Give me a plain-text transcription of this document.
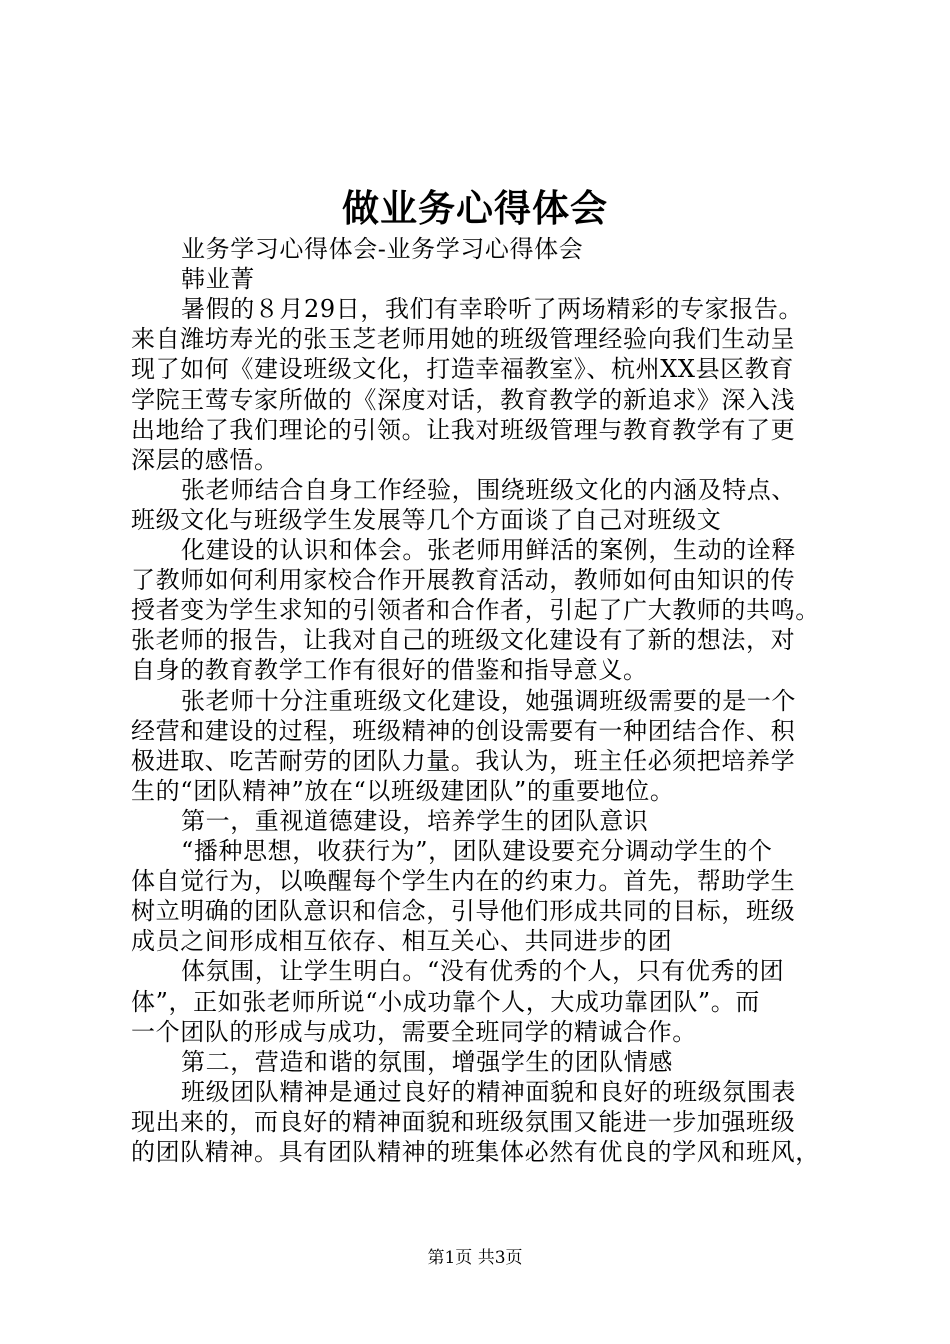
做业务心得体会
业务学习心得体会-业务学习心得体会
韩业菁
暑假的８月29日，我们有幸聆听了两场精彩的专家报告。
来自潍坊寿光的张玉芝老师用她的班级管理经验向我们生动呈
现了如何《建设班级文化，打造幸福教室》、杭州XX县区教育
学院王莺专家所做的《深度对话，教育教学的新追求》深入浅
出地给了我们理论的引领。让我对班级管理与教育教学有了更
深层的感悟。
张老师结合自身工作经验，围绕班级文化的内涵及特点、
班级文化与班级学生发展等几个方面谈了自己对班级文
化建设的认识和体会。张老师用鲜活的案例，生动的诠释
了教师如何利用家校合作开展教育活动，教师如何由知识的传
授者变为学生求知的引领者和合作者，引起了广大教师的共鸣。
张老师的报告，让我对自己的班级文化建设有了新的想法，对
自身的教育教学工作有很好的借鉴和指导意义。
张老师十分注重班级文化建设，她强调班级需要的是一个
经营和建设的过程，班级精神的创设需要有一种团结合作、积
极进取、吃苦耐劳的团队力量。我认为，班主任必须把培养学
生的“团队精神”放在“以班级建团队”的重要地位。
第一，重视道德建设，培养学生的团队意识
“播种思想，收获行为”，团队建设要充分调动学生的个
体自觉行为，以唤醒每个学生内在的约束力。首先，帮助学生
树立明确的团队意识和信念，引导他们形成共同的目标，班级
成员之间形成相互依存、相互关心、共同进步的团
体氛围，让学生明白。“没有优秀的个人，只有优秀的团
体”，正如张老师所说“小成功靠个人，大成功靠团队”。而
一个团队的形成与成功，需要全班同学的精诚合作。
第二，营造和谐的氛围，增强学生的团队情感
班级团队精神是通过良好的精神面貌和良好的班级氛围表
现出来的，而良好的精神面貌和班级氛围又能进一步加强班级
的团队精神。具有团队精神的班集体必然有优良的学风和班风，
第1页 共3页
